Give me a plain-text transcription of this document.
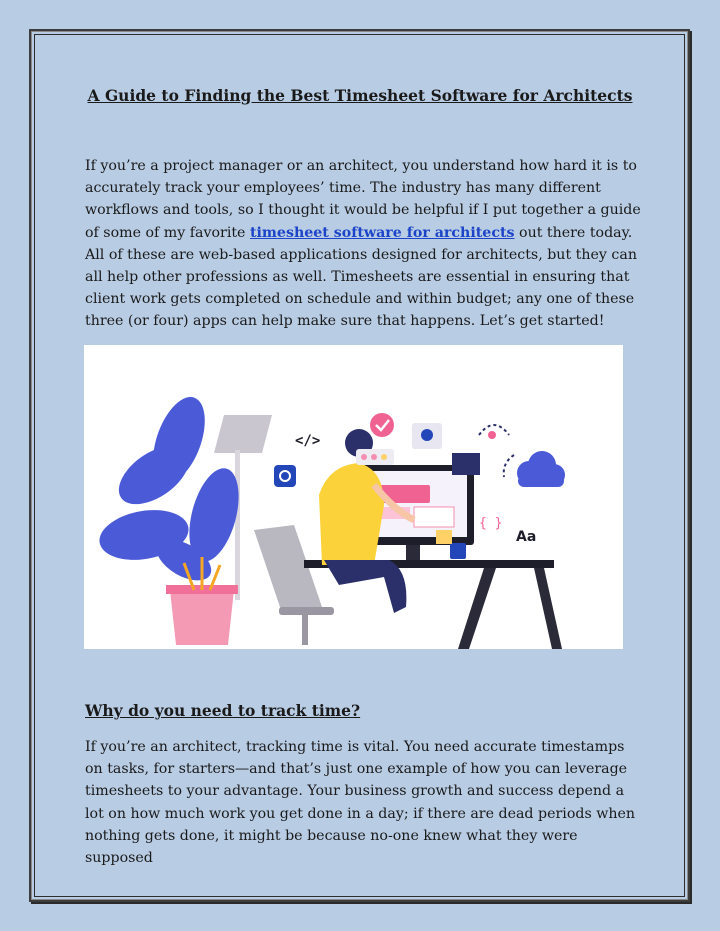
A Guide to Finding the Best Timesheet Software for Architects

If you’re a project manager or an architect, you understand how hard it is to accurately track your employees’ time. The industry has many different workflows and tools, so I thought it would be helpful if I put together a guide of some of my favorite timesheet software for architects out there today. All of these are web-based applications designed for architects, but they can all help other professions as well. Timesheets are essential in ensuring that client work gets completed on schedule and within budget; any one of these three (or four) apps can help make sure that happens. Let’s get started!

</>
{ }
Aa
Why do you need to track time?

If you’re an architect, tracking time is vital. You need accurate timestamps on tasks, for starters—and that’s just one example of how you can leverage timesheets to your advantage. Your business growth and success depend a lot on how much work you get done in a day; if there are dead periods when nothing gets done, it might be because no-one knew what they were supposed
